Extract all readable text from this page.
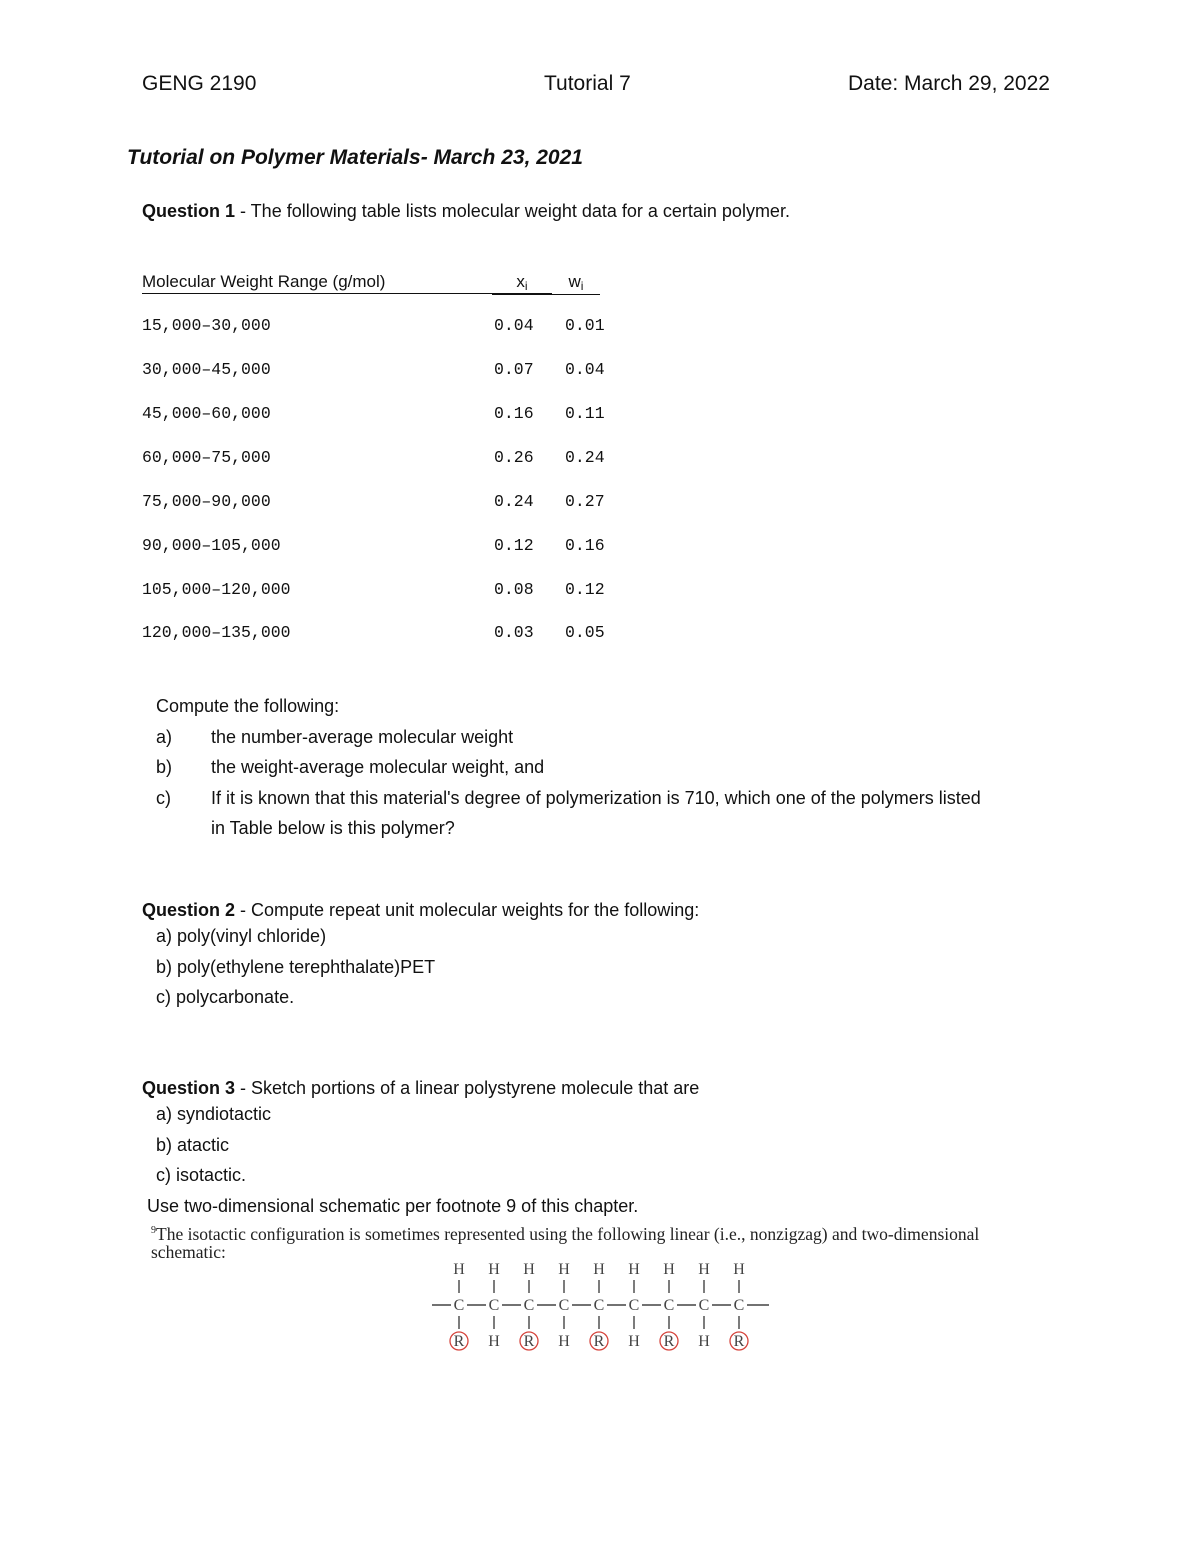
GENG 2190	Tutorial 7	Date: March 29, 2022
Tutorial on Polymer Materials- March 23, 2021
Question 1 - The following table lists molecular weight data for a certain polymer.
Molecular Weight Range (g/mol)	$x_i$	$w_i$
15,000–30,000	0.04 0.01
30,000–45,000	0.07 0.04
45,000–60,000	0.16 0.11
60,000–75,000	0.26 0.24
75,000–90,000	0.24 0.27
90,000–105,000	0.12 0.16
105,000–120,000	0.08 0.12
120,000–135,000	0.03 0.05
Compute the following:
a) the number-average molecular weight
b) the weight-average molecular weight, and
c) If it is known that this material's degree of polymerization is 710, which one of the polymers listed
in Table below is this polymer?
Question 2 - Compute repeat unit molecular weights for the following:
a) poly(vinyl chloride)
b) poly(ethylene terephthalate)PET
c) polycarbonate.
Question 3 - Sketch portions of a linear polystyrene molecule that are
a) syndiotactic
b) atactic
c) isotactic.
Use two-dimensional schematic per footnote 9 of this chapter.
$^9$The isotactic configuration is sometimes represented using the following linear (i.e., nonzigzag) and two-dimensional schematic:
C
H
R
C
H
H
C
H
R
C
H
H
C
H
R
C
H
H
C
H
R
C
H
H
C
H
R
